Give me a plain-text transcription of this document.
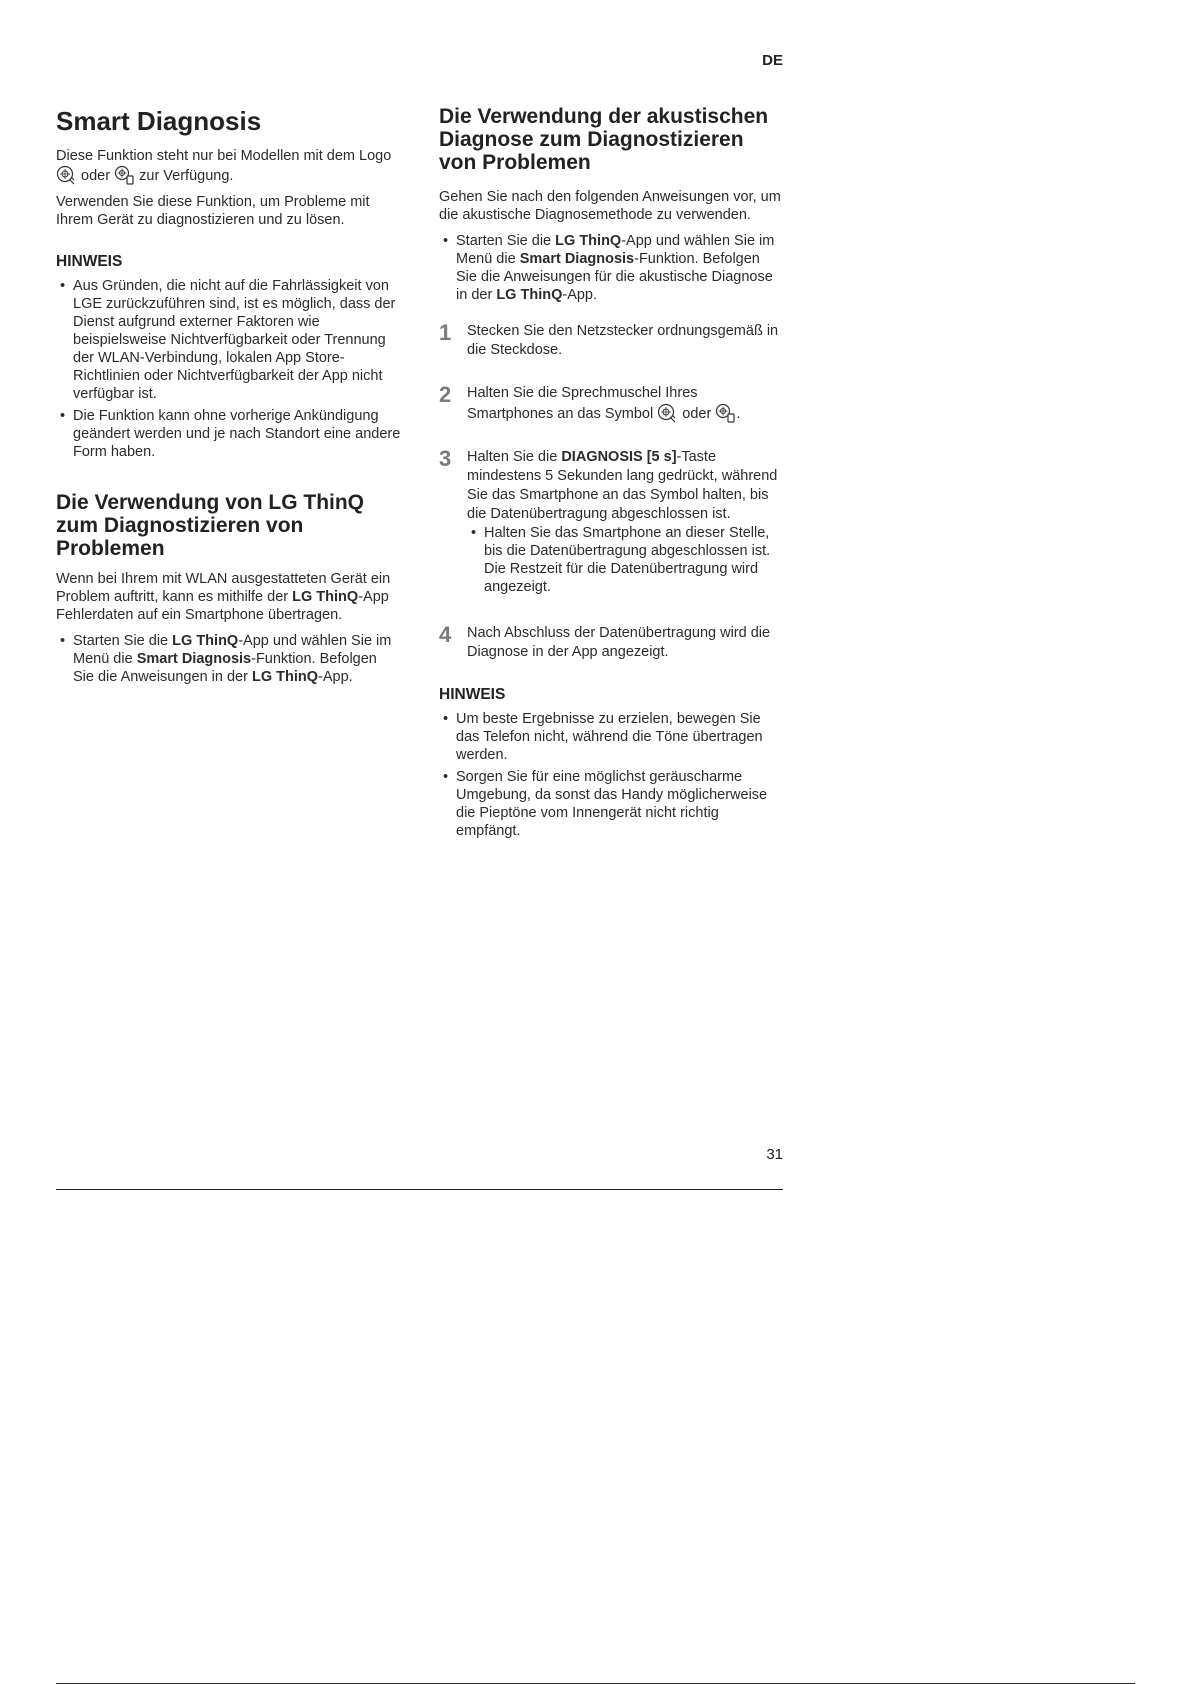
DE
Smart Diagnosis

Diese Funktion steht nur bei Modellen mit dem Logo  oder zur Verfügung.

Verwenden Sie diese Funktion, um Probleme mit Ihrem Gerät zu diagnostizieren und zu lösen.

HINWEIS
• Aus Gründen, die nicht auf die Fahrlässigkeit von LGE zurückzuführen sind, ist es möglich, dass der Dienst aufgrund externer Faktoren wie beispielsweise Nichtverfügbarkeit oder Trennung der WLAN-Verbindung, lokalen App Store-Richtlinien oder Nichtverfügbarkeit der App nicht verfügbar ist.
• Die Funktion kann ohne vorherige Ankündigung geändert werden und je nach Standort eine andere Form haben.
Die Verwendung von LG ThinQ zum Diagnostizieren von Problemen

Wenn bei Ihrem mit WLAN ausgestatteten Gerät ein Problem auftritt, kann es mithilfe der LG ThinQ-App Fehlerdaten auf ein Smartphone übertragen.

• Starten Sie die LG ThinQ-App und wählen Sie im Menü die Smart Diagnosis-Funktion. Befolgen Sie die Anweisungen in der LG ThinQ-App.
Die Verwendung der akustischen Diagnose zum Diagnostizieren von Problemen

Gehen Sie nach den folgenden Anweisungen vor, um die akustische Diagnosemethode zu verwenden.

• Starten Sie die LG ThinQ-App und wählen Sie im Menü die Smart Diagnosis-Funktion. Befolgen Sie die Anweisungen für die akustische Diagnose in der LG ThinQ-App.
1	Stecken Sie den Netzstecker ordnungsgemäß in die Steckdose.
2	Halten Sie die Sprechmuschel Ihres Smartphones an das Symbol oder .
3	Halten Sie die DIAGNOSIS [5 s]-Taste mindestens 5 Sekunden lang gedrückt, während Sie das Smartphone an das Symbol halten, bis die Datenübertragung abgeschlossen ist.
• Halten Sie das Smartphone an dieser Stelle, bis die Datenübertragung abgeschlossen ist. Die Restzeit für die Datenübertragung wird angezeigt.
4	Nach Abschluss der Datenübertragung wird die Diagnose in der App angezeigt.
HINWEIS
• Um beste Ergebnisse zu erzielen, bewegen Sie das Telefon nicht, während die Töne übertragen werden.
• Sorgen Sie für eine möglichst geräuscharme Umgebung, da sonst das Handy möglicherweise die Pieptöne vom Innengerät nicht richtig empfängt.
31
